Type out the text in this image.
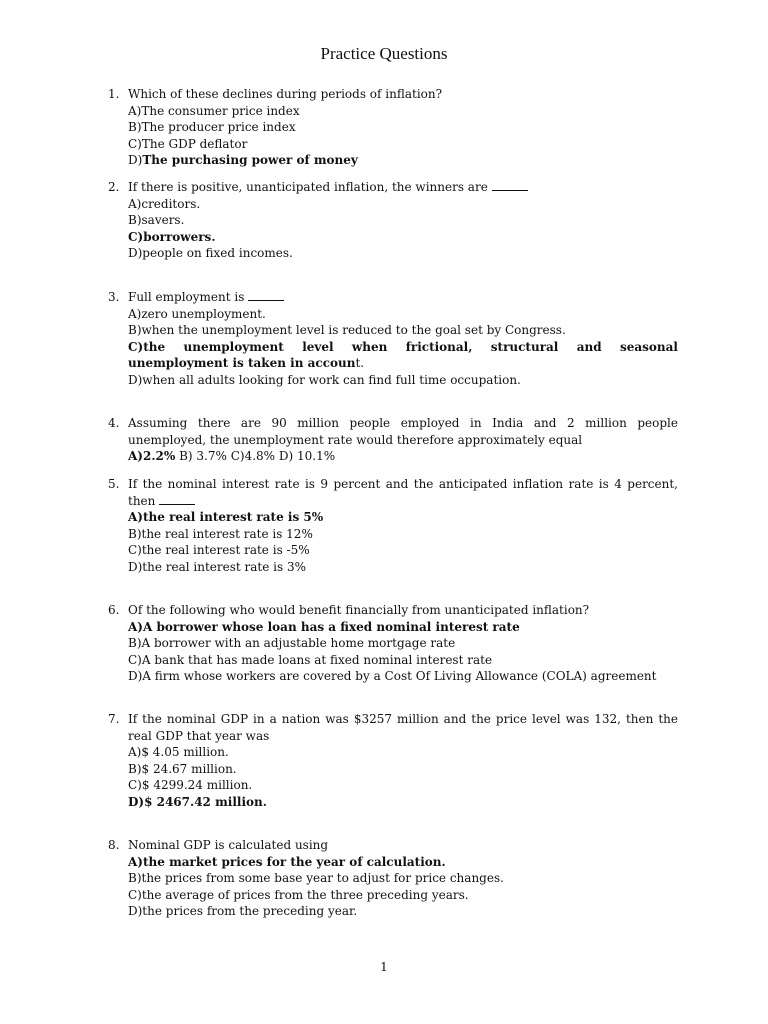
Practice Questions
1. Which of these declines during periods of inflation?
A)The consumer price index
B)The producer price index
C)The GDP deflator
D)The purchasing power of money
2. If there is positive, unanticipated inflation, the winners are
A)creditors.
B)savers.
C)borrowers.
D)people on fixed incomes.
3. Full employment is
A)zero unemployment.
B)when the unemployment level is reduced to the goal set by Congress.
C)the unemployment level when frictional, structural and seasonal unemployment is taken in account.
D)when all adults looking for work can find full time occupation.
4. Assuming there are 90 million people employed in India and 2 million people unemployed, the unemployment rate would therefore approximately equal
A)2.2% B) 3.7% C)4.8% D) 10.1%
5. If the nominal interest rate is 9 percent and the anticipated inflation rate is 4 percent, then
A)the real interest rate is 5%
B)the real interest rate is 12%
C)the real interest rate is -5%
D)the real interest rate is 3%
6. Of the following who would benefit financially from unanticipated inflation?
A)A borrower whose loan has a fixed nominal interest rate
B)A borrower with an adjustable home mortgage rate
C)A bank that has made loans at fixed nominal interest rate
D)A firm whose workers are covered by a Cost Of Living Allowance (COLA) agreement
7. If the nominal GDP in a nation was $3257 million and the price level was 132, then the real GDP that year was
A)$ 4.05 million.
B)$ 24.67 million.
C)$ 4299.24 million.
D)$ 2467.42 million.
8. Nominal GDP is calculated using
A)the market prices for the year of calculation.
B)the prices from some base year to adjust for price changes.
C)the average of prices from the three preceding years.
D)the prices from the preceding year.
1
